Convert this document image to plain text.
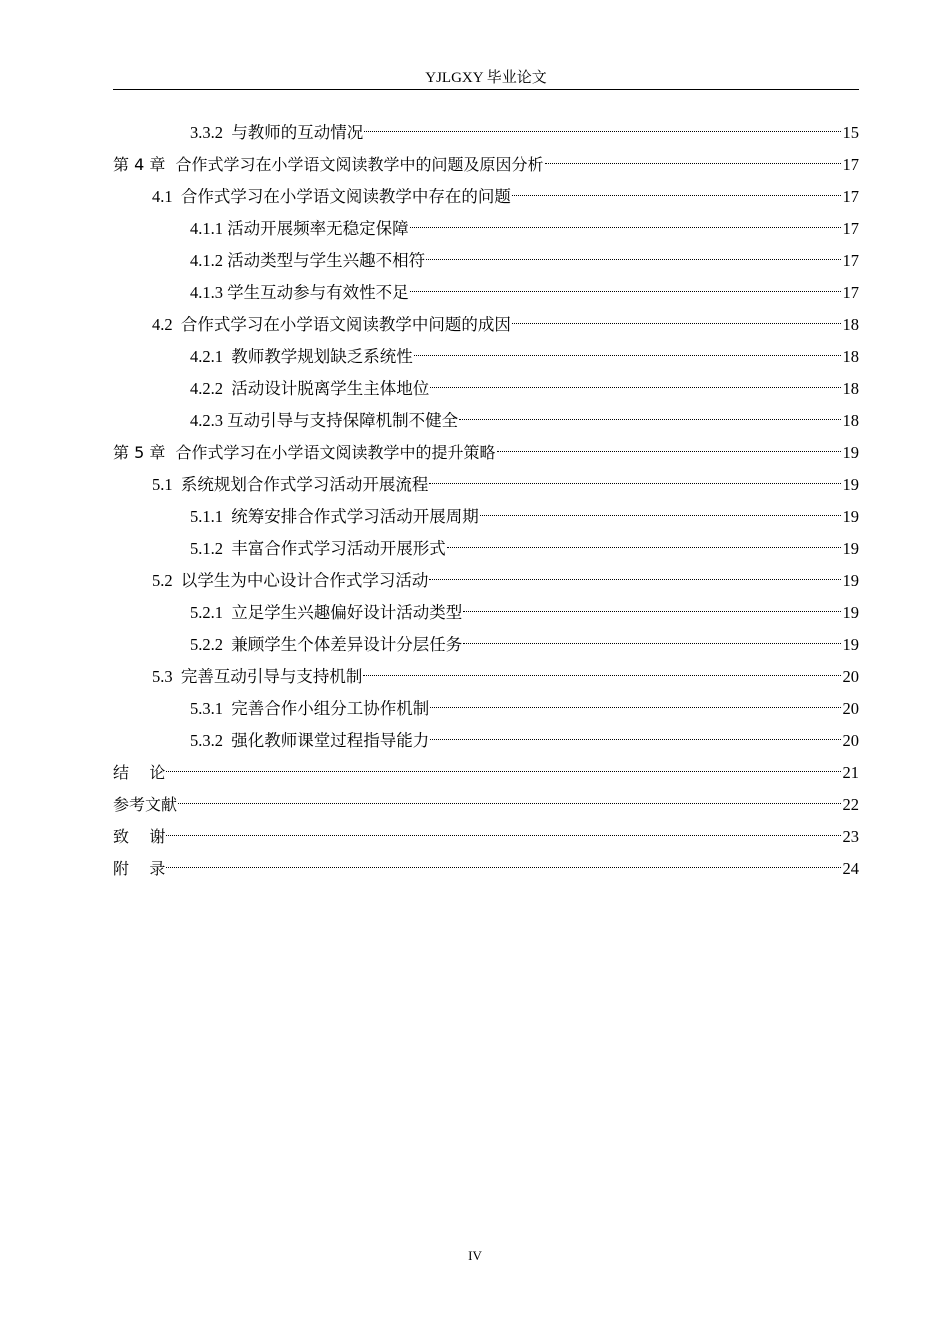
YJLGXY 毕业论文
3.3.2  与教师的互动情况	15
第 4 章  合作式学习在小学语文阅读教学中的问题及原因分析	17
4.1  合作式学习在小学语文阅读教学中存在的问题	17
4.1.1 活动开展频率无稳定保障	17
4.1.2 活动类型与学生兴趣不相符	17
4.1.3 学生互动参与有效性不足	17
4.2  合作式学习在小学语文阅读教学中问题的成因	18
4.2.1  教师教学规划缺乏系统性	18
4.2.2  活动设计脱离学生主体地位	18
4.2.3 互动引导与支持保障机制不健全	18
第 5 章  合作式学习在小学语文阅读教学中的提升策略	19
5.1  系统规划合作式学习活动开展流程	19
5.1.1  统筹安排合作式学习活动开展周期	19
5.1.2  丰富合作式学习活动开展形式	19
5.2  以学生为中心设计合作式学习活动	19
5.2.1  立足学生兴趣偏好设计活动类型	19
5.2.2  兼顾学生个体差异设计分层任务	19
5.3  完善互动引导与支持机制	20
5.3.1  完善合作小组分工协作机制	20
5.3.2  强化教师课堂过程指导能力	20
结    论	21
参考文献	22
致    谢	23
附    录	24
IV
